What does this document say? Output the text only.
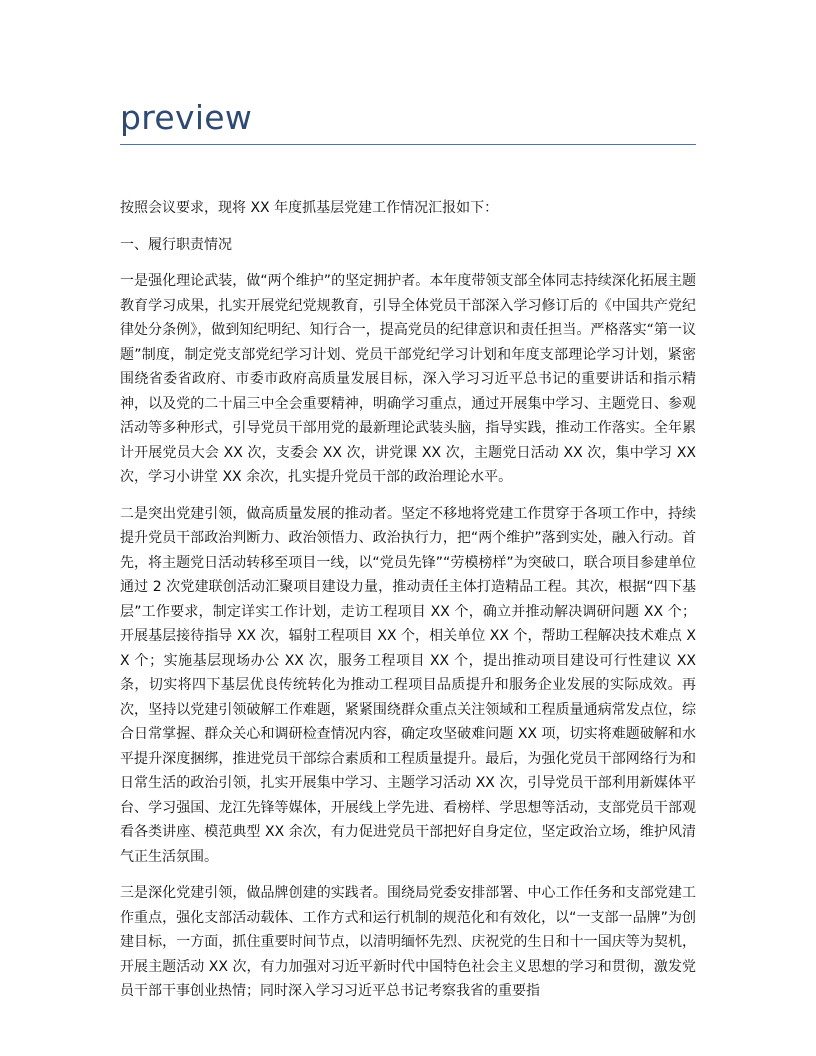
preview

按照会议要求，现将 XX 年度抓基层党建工作情况汇报如下：

一、履行职责情况

一是强化理论武装，做“两个维护”的坚定拥护者。本年度带领支部全体同志持续深化拓展主题教育学习成果，扎实开展党纪党规教育，引导全体党员干部深入学习修订后的《中国共产党纪律处分条例》，做到知纪明纪、知行合一，提高党员的纪律意识和责任担当。严格落实“第一议题”制度，制定党支部党纪学习计划、党员干部党纪学习计划和年度支部理论学习计划，紧密围绕省委省政府、市委市政府高质量发展目标，深入学习习近平总书记的重要讲话和指示精神，以及党的二十届三中全会重要精神，明确学习重点，通过开展集中学习、主题党日、参观活动等多种形式，引导党员干部用党的最新理论武装头脑，指导实践，推动工作落实。全年累计开展党员大会 XX 次，支委会 XX 次，讲党课 XX 次，主题党日活动 XX 次，集中学习 XX 次，学习小讲堂 XX 余次，扎实提升党员干部的政治理论水平。

二是突出党建引领，做高质量发展的推动者。坚定不移地将党建工作贯穿于各项工作中，持续提升党员干部政治判断力、政治领悟力、政治执行力，把“两个维护”落到实处，融入行动。首先，将主题党日活动转移至项目一线，以“党员先锋”“劳模榜样”为突破口，联合项目参建单位通过 2 次党建联创活动汇聚项目建设力量，推动责任主体打造精品工程。其次，根据“四下基层”工作要求，制定详实工作计划，走访工程项目 XX 个，确立并推动解决调研问题 XX 个；开展基层接待指导 XX 次，辐射工程项目 XX 个，相关单位 XX 个，帮助工程解决技术难点 XX 个；实施基层现场办公 XX 次，服务工程项目 XX 个，提出推动项目建设可行性建议 XX 条，切实将四下基层优良传统转化为推动工程项目品质提升和服务企业发展的实际成效。再次，坚持以党建引领破解工作难题，紧紧围绕群众重点关注领域和工程质量通病常发点位，综合日常掌握、群众关心和调研检查情况内容，确定攻坚破难问题 XX 项，切实将难题破解和水平提升深度捆绑，推进党员干部综合素质和工程质量提升。最后，为强化党员干部网络行为和日常生活的政治引领，扎实开展集中学习、主题学习活动 XX 次，引导党员干部利用新媒体平台、学习强国、龙江先锋等媒体，开展线上学先进、看榜样、学思想等活动，支部党员干部观看各类讲座、模范典型 XX 余次，有力促进党员干部把好自身定位，坚定政治立场，维护风清气正生活氛围。

三是深化党建引领，做品牌创建的实践者。围绕局党委安排部署、中心工作任务和支部党建工作重点，强化支部活动载体、工作方式和运行机制的规范化和有效化，以“一支部一品牌”为创建目标，一方面，抓住重要时间节点，以清明缅怀先烈、庆祝党的生日和十一国庆等为契机，开展主题活动 XX 次，有力加强对习近平新时代中国特色社会主义思想的学习和贯彻，激发党员干部干事创业热情；同时深入学习习近平总书记考察我省的重要指
